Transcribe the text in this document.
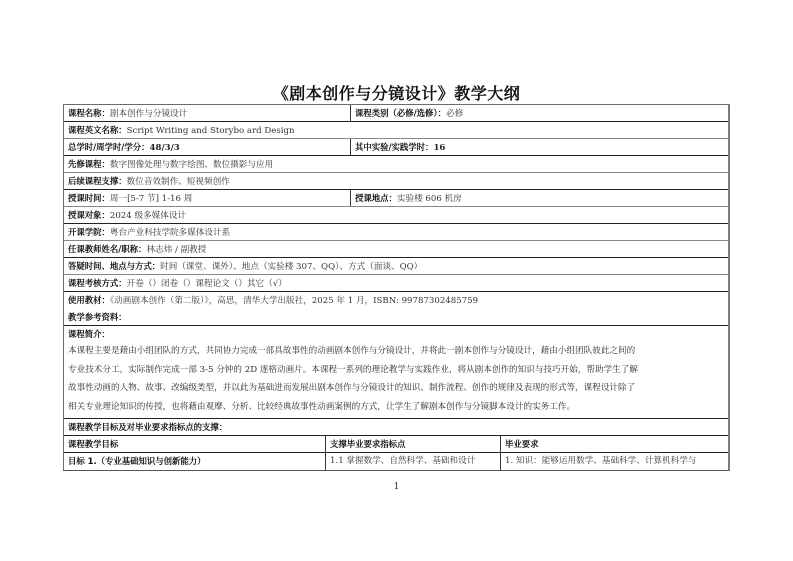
《剧本创作与分镜设计》教学大纲
课程名称：剧本创作与分镜设计	课程类别（必修/选修）：必修
课程英文名称：Script Writing and Storybo ard Design
总学时/周学时/学分：48/3/3	其中实验/实践学时：16
先修课程：数字图像处理与数字绘图、数位摄影与应用
后续课程支撑：数位音效制作、短视频创作
授课时间：周一[5-7 节] 1-16 周	授课地点：实验楼 606 机房
授课对象：2024 级多媒体设计
开课学院：粤台产业科技学院多媒体设计系
任课教师姓名/职称：林志炜 / 副教授
答疑时间、地点与方式：时间（课堂、课外）、地点（实验楼 307、QQ）、方式（面谈、QQ）
课程考核方式：开卷（）闭卷（）课程论文（）其它（√）
使用教材：《动画剧本创作（第二版）》，高思，清华大学出版社，2025 年 1 月，ISBN: 99787302485759
教学参考资料：
课程简介：

本课程主要是藉由小组团队的方式，共同协力完成一部具故事性的动画剧本创作与分镜设计，并将此一剧本创作与分镜设计，藉由小组团队彼此之间的

专业技术分工，实际制作完成一部 3-5 分钟的 2D 逐格动画片。本课程一系列的理论教学与实践作业，将从剧本创作的知识与技巧开始，帮助学生了解

故事性动画的人物、故事、改编级类型，并以此为基础进而发展出剧本创作与分镜设计的知识、制作流程、创作的规律及表现的形式等，课程设计除了

相关专业理论知识的传授，也将藉由观摩、分析、比较经典故事性动画案例的方式，让学生了解剧本创作与分镜脚本设计的实务工作。

课程教学目标及对毕业要求指标点的支撑：
课程教学目标	支撑毕业要求指标点	毕业要求
目标 1.（专业基础知识与创新能力）	1.1 掌握数学、自然科学、基础和设计	1. 知识：能够运用数学、基础科学、计算机科学与
1
